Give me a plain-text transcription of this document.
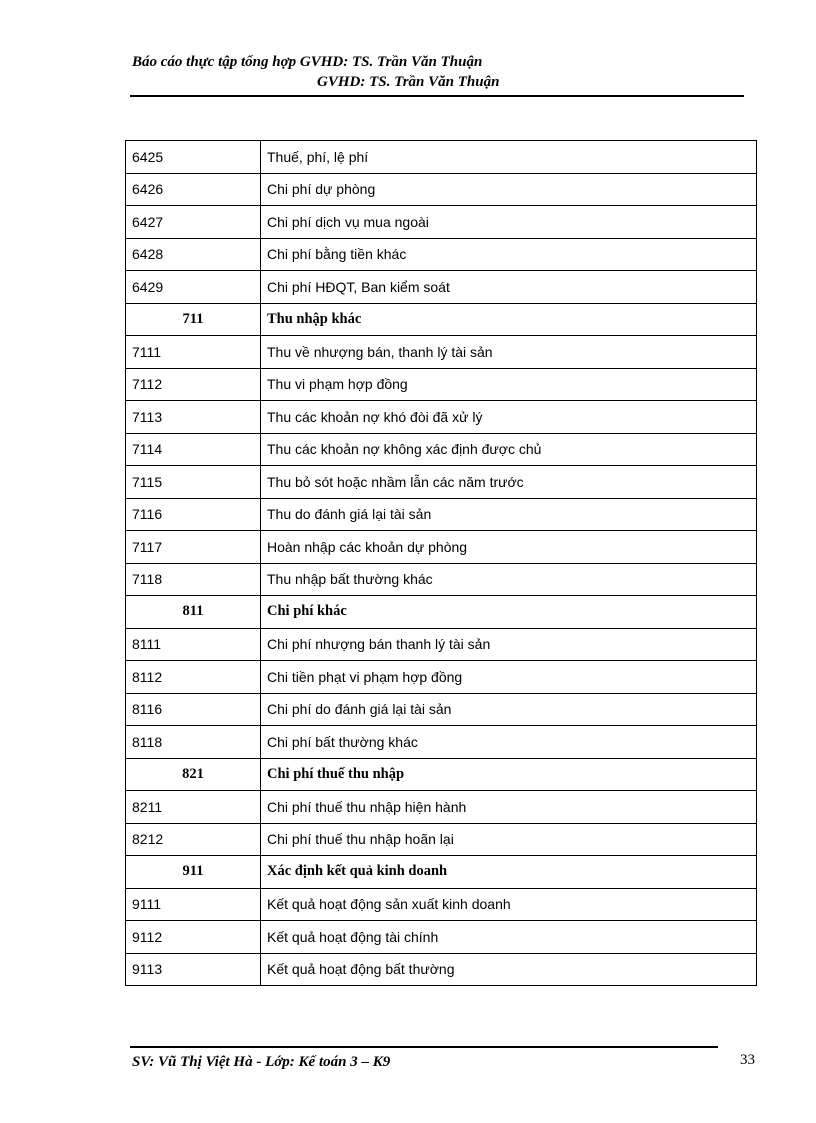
Báo cáo thực tập tổng hợp GVHD: TS. Trần Văn Thuận
GVHD: TS. Trần Văn Thuận
6425	Thuế, phí, lệ phí
6426	Chi phí dự phòng
6427	Chi phí dịch vụ mua ngoài
6428	Chi phí bằng tiền khác
6429	Chi phí HĐQT, Ban kiểm soát
711	Thu nhập khác
7111	Thu về nhượng bán, thanh lý tài sản
7112	Thu vi phạm hợp đồng
7113	Thu các khoản nợ khó đòi đã xử lý
7114	Thu các khoản nợ không xác định được chủ
7115	Thu bỏ sót hoặc nhầm lẫn các năm trước
7116	Thu do đánh giá lại tài sản
7117	Hoàn nhập các khoản dự phòng
7118	Thu nhập bất thường khác
811	Chi phí khác
8111	Chi phí nhượng bán thanh lý tài sản
8112	Chi tiền phạt vi phạm hợp đồng
8116	Chi phí do đánh giá lại tài sản
8118	Chi phí bất thường khác
821	Chi phí thuế thu nhập
8211	Chi phí thuế thu nhập hiện hành
8212	Chi phí thuế thu nhập hoãn lại
911	Xác định kết quả kinh doanh
9111	Kết quả hoạt động sản xuất kinh doanh
9112	Kết quả hoạt động tài chính
9113	Kết quả hoạt động bất thường
SV: Vũ Thị Việt Hà - Lớp: Kế toán 3 – K9	33
